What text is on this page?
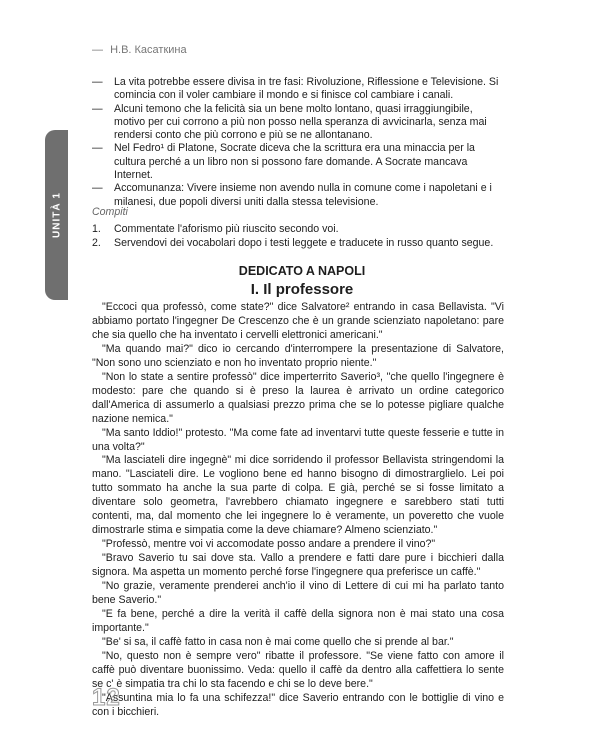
— Н.В. Касаткина
UNITÀ 1
— La vita potrebbe essere divisa in tre fasi: Rivoluzione, Riflessione e Televisione. Si comincia con il voler cambiare il mondo e si finisce col cambiare i canali.
— Alcuni temono che la felicità sia un bene molto lontano, quasi irraggiungibile, motivo per cui corrono a più non posso nella speranza di avvicinarla, senza mai rendersi conto che più corrono e più se ne allontanano.
— Nel Fedro¹ di Platone, Socrate diceva che la scrittura era una minaccia per la cultura perché a un libro non si possono fare domande. A Socrate mancava Internet.
— Accomunanza: Vivere insieme non avendo nulla in comune come i napoletani e i milanesi, due popoli diversi uniti dalla stessa televisione.
Compiti
1. Commentate l'aforismo più riuscito secondo voi.
2. Servendovi dei vocabolari dopo i testi leggete e traducete in russo quanto segue.
DEDICATO A NAPOLI
I. Il professore

"Eccoci qua professò, come state?" dice Salvatore² entrando in casa Bellavista. "Vi abbiamo portato l'ingegner De Crescenzo che è un grande scienziato napoletano: pare che sia quello che ha inventato i cervelli elettronici americani."

"Ma quando mai?" dico io cercando d'interrompere la presentazione di Salvatore, "Non sono uno scienziato e non ho inventato proprio niente."

"Non lo state a sentire professò" dice imperterrito Saverio³, "che quello l'ingegnere è modesto: pare che quando si è preso la laurea è arrivato un ordine categorico dall'America di assumerlo a qualsiasi prezzo prima che se lo potesse pigliare qualche nazione nemica."

"Ma santo Iddio!" protesto. "Ma come fate ad inventarvi tutte queste fesserie e tutte in una volta?"

"Ma lasciateli dire ingegnè" mi dice sorridendo il professor Bellavista stringendomi la mano. "Lasciateli dire. Le vogliono bene ed hanno bisogno di dimostrarglielo. Lei poi tutto sommato ha anche la sua parte di colpa. E già, perché se si fosse limitato a diventare solo geometra, l'avrebbero chiamato ingegnere e sarebbero stati tutti contenti, ma, dal momento che lei ingegnere lo è veramente, un poveretto che vuole dimostrarle stima e simpatia come la deve chiamare? Almeno scienziato."

"Professò, mentre voi vi accomodate posso andare a prendere il vino?"

"Bravo Saverio tu sai dove sta. Vallo a prendere e fatti dare pure i bicchieri dalla signora. Ma aspetta un momento perché forse l'ingegnere qua preferisce un caffè."

"No grazie, veramente prenderei anch'io il vino di Lettere di cui mi ha parlato tanto bene Saverio."

"E fa bene, perché a dire la verità il caffè della signora non è mai stato una cosa importante."

"Be' si sa, il caffè fatto in casa non è mai come quello che si prende al bar."

"No, questo non è sempre vero" ribatte il professore. "Se viene fatto con amore il caffè può diventare buonissimo. Veda: quello il caffè da dentro alla caffettiera lo sente se c' è simpatia tra chi lo sta facendo e chi se lo deve bere."

"Assuntina mia lo fa una schifezza!" dice Saverio entrando con le bottiglie di vino e con i bicchieri.

12
